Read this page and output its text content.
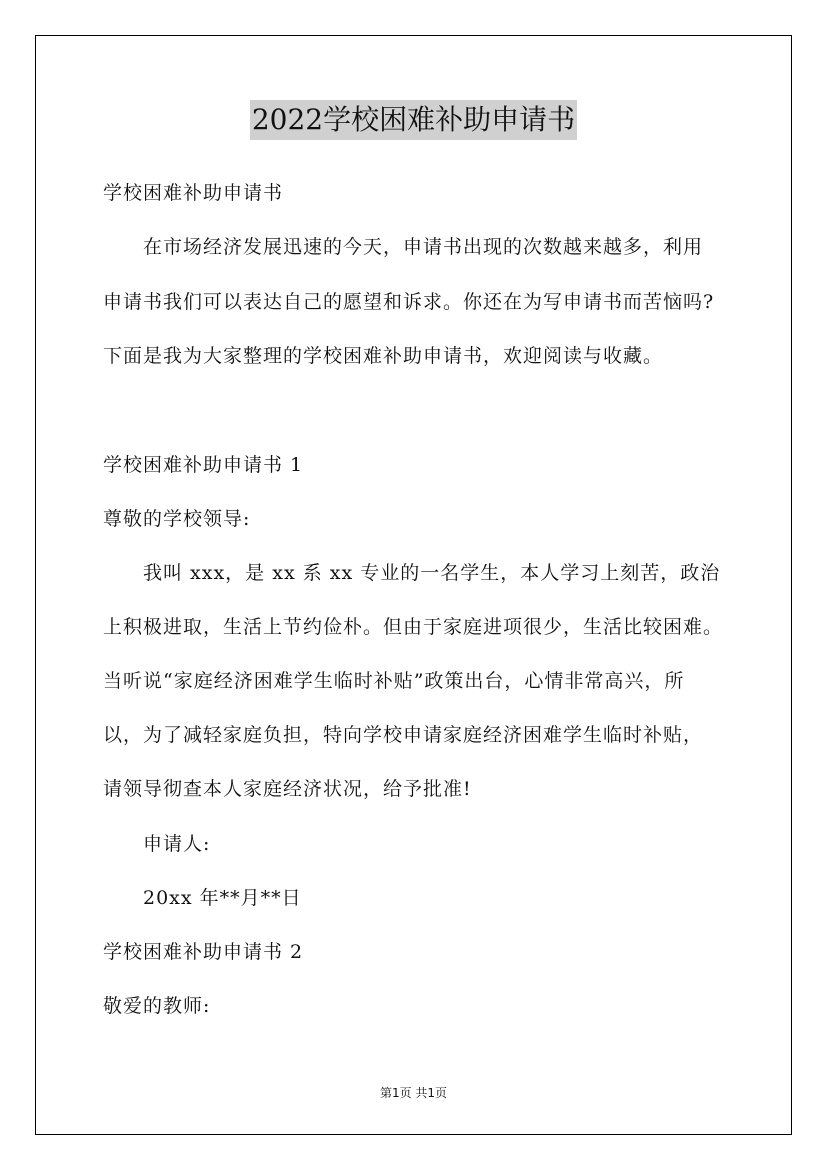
2022学校困难补助申请书
学校困难补助申请书
在市场经济发展迅速的今天，申请书出现的次数越来越多，利用
申请书我们可以表达自己的愿望和诉求。你还在为写申请书而苦恼吗?
下面是我为大家整理的学校困难补助申请书，欢迎阅读与收藏。
学校困难补助申请书 1
尊敬的学校领导:
我叫 xxx，是 xx 系 xx 专业的一名学生，本人学习上刻苦，政治
上积极进取，生活上节约俭朴。但由于家庭进项很少，生活比较困难。
当听说“家庭经济困难学生临时补贴”政策出台，心情非常高兴，所
以，为了减轻家庭负担，特向学校申请家庭经济困难学生临时补贴，
请领导彻查本人家庭经济状况，给予批准!
申请人:
20xx 年**月**日
学校困难补助申请书 2
敬爱的教师:
第1页 共1页
